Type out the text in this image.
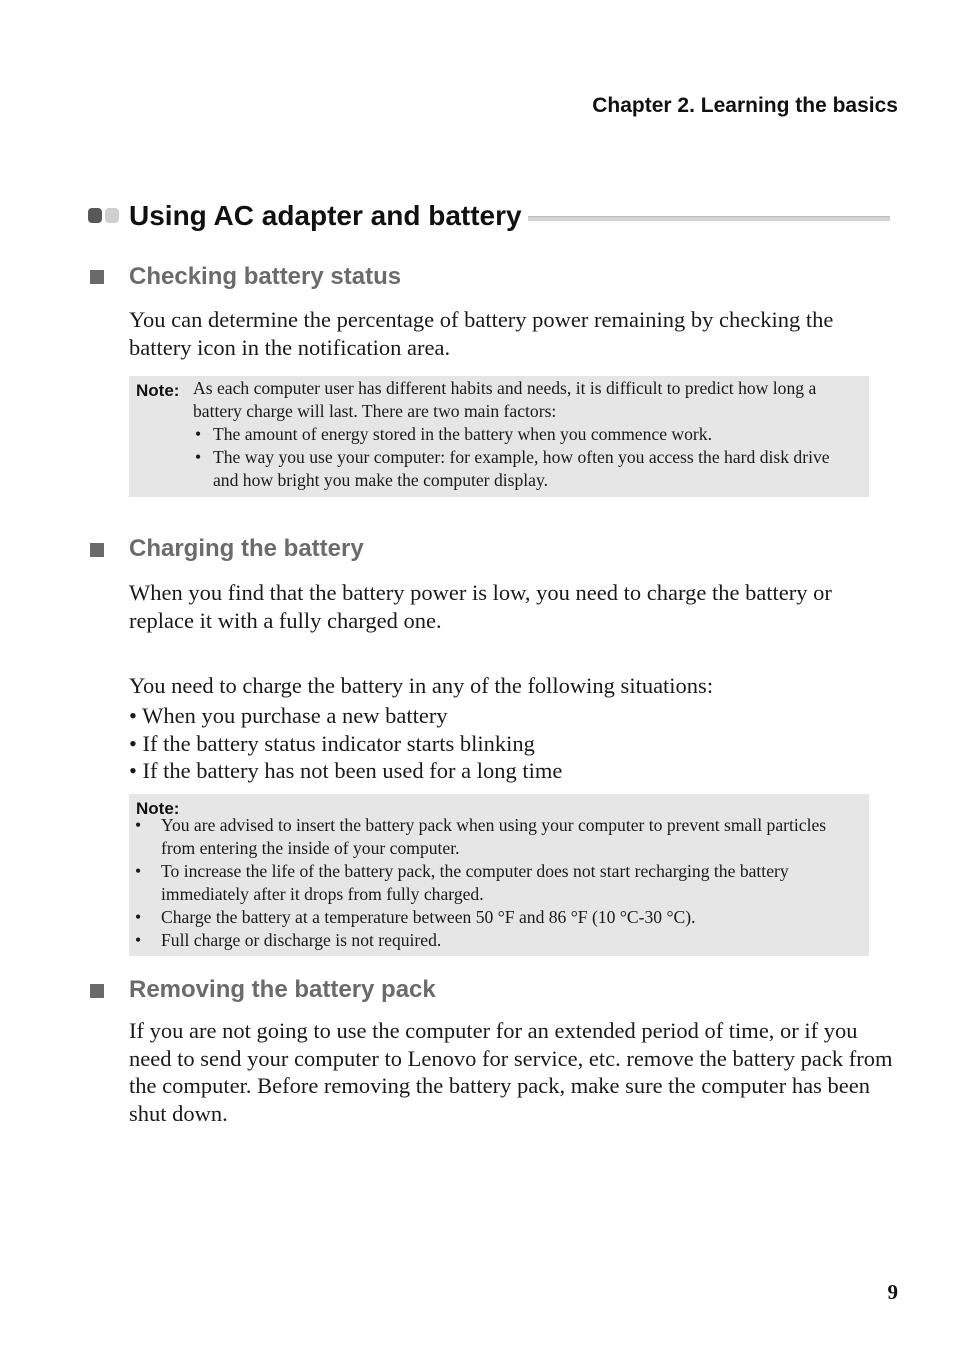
Chapter 2. Learning the basics
Using AC adapter and battery
Checking battery status
You can determine the percentage of battery power remaining by checking the battery icon in the notification area.
Note: As each computer user has different habits and needs, it is difficult to predict how long a battery charge will last. There are two main factors:
• The amount of energy stored in the battery when you commence work.
• The way you use your computer: for example, how often you access the hard disk drive and how bright you make the computer display.
Charging the battery
When you find that the battery power is low, you need to charge the battery or replace it with a fully charged one.
You need to charge the battery in any of the following situations:
• When you purchase a new battery
• If the battery status indicator starts blinking
• If the battery has not been used for a long time
Note:
• You are advised to insert the battery pack when using your computer to prevent small particles from entering the inside of your computer.
• To increase the life of the battery pack, the computer does not start recharging the battery immediately after it drops from fully charged.
• Charge the battery at a temperature between 50 °F and 86 °F (10 °C-30 °C).
• Full charge or discharge is not required.
Removing the battery pack
If you are not going to use the computer for an extended period of time, or if you need to send your computer to Lenovo for service, etc. remove the battery pack from the computer. Before removing the battery pack, make sure the computer has been shut down.
9
